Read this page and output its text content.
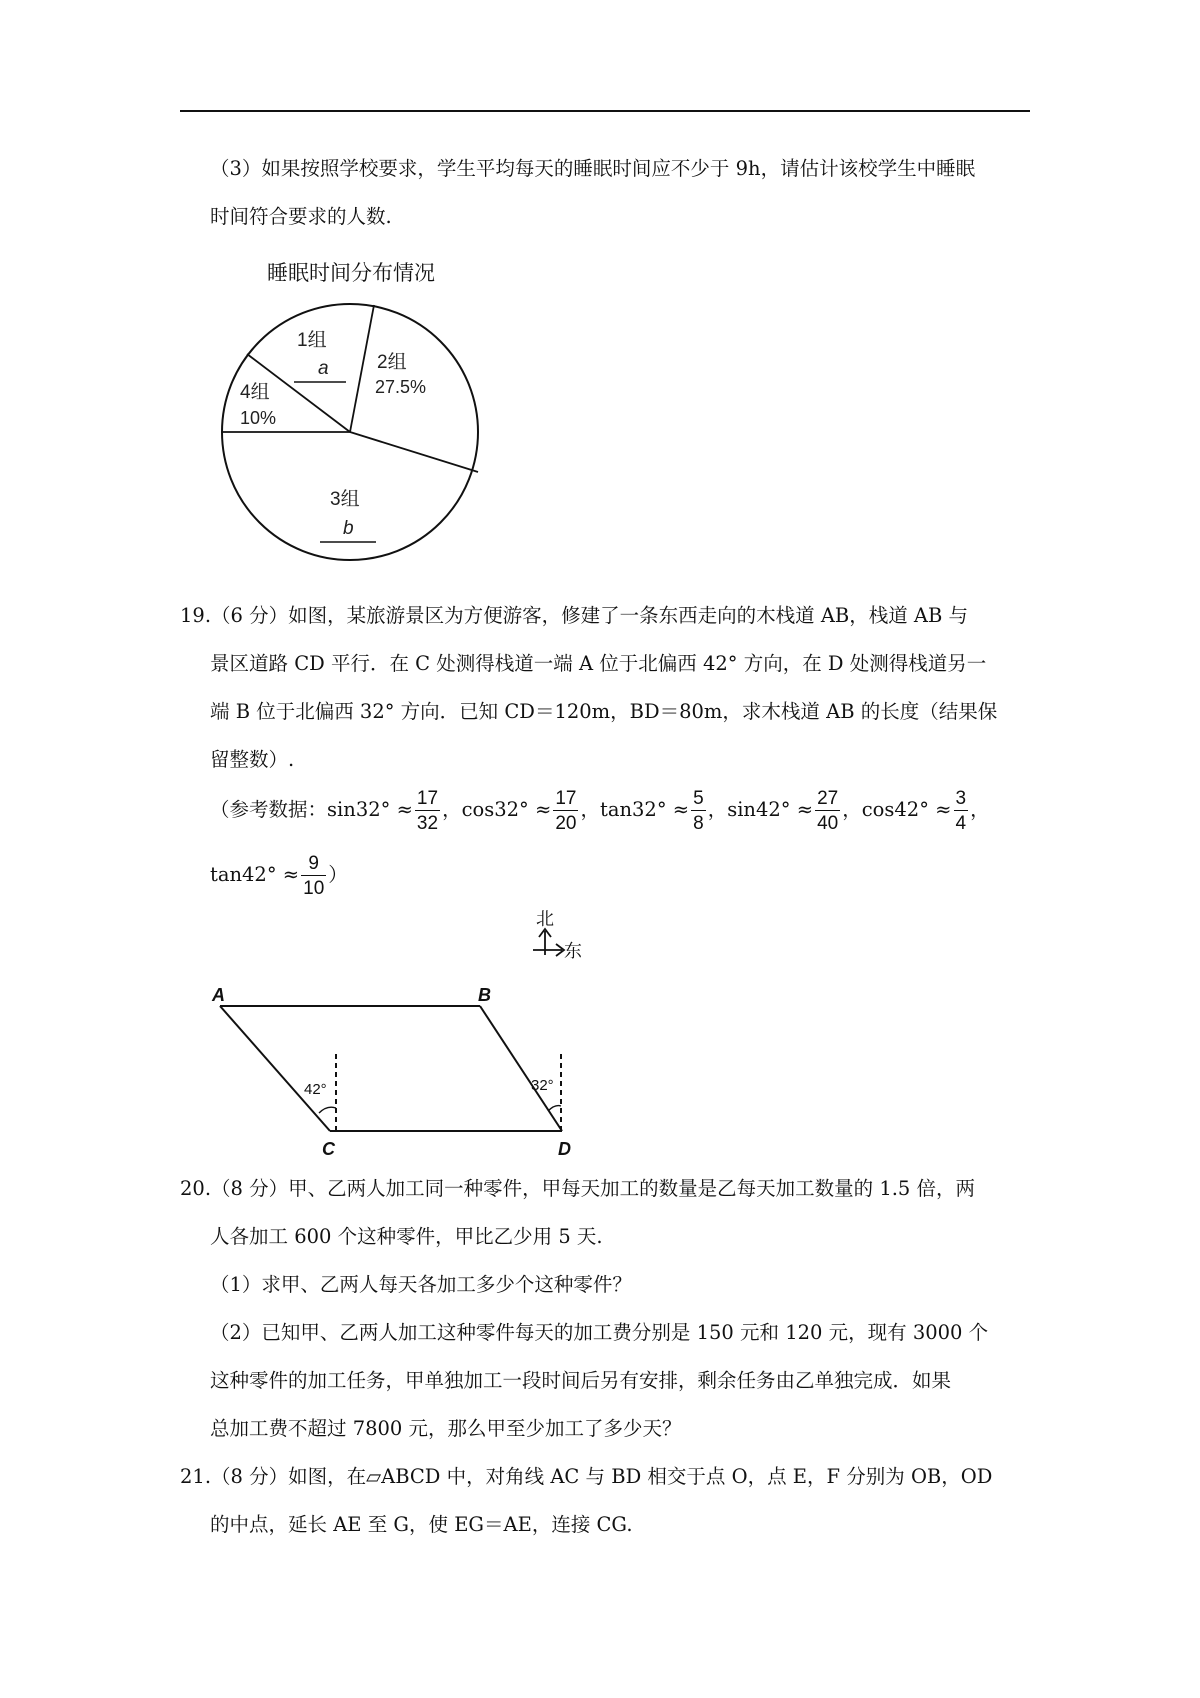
（3）如果按照学校要求，学生平均每天的睡眠时间应不少于 9h，请估计该校学生中睡眠
时间符合要求的人数.
睡眠时间分布情况
1组
a	2组
27.5%
3组
b
4组
10%
19.（6 分）如图，某旅游景区为方便游客，修建了一条东西走向的木栈道 AB，栈道 AB 与
景区道路 CD 平行．在 C 处测得栈道一端 A 位于北偏西 42° 方向，在 D 处测得栈道另一
端 B 位于北偏西 32° 方向．已知 CD＝120m，BD＝80m，求木栈道 AB 的长度（结果保
留整数）.
（参考数据：$\sin 32^\circ \approx \frac{17}{32}$ ，$\cos 32^\circ \approx \frac{17}{20}$ ，$\tan 32^\circ \approx \frac{5}{8}$ ，$\sin 42^\circ \approx \frac{27}{40}$ ，$\cos 42^\circ \approx \frac{3}{4}$ ，
$\tan 42^\circ \approx \frac{9}{10}$ ）
北
东
42°	32°
A	B
C	D
20.（8 分）甲、乙两人加工同一种零件，甲每天加工的数量是乙每天加工数量的 1.5 倍，两
人各加工 600 个这种零件，甲比乙少用 5 天.
（1）求甲、乙两人每天各加工多少个这种零件？
（2）已知甲、乙两人加工这种零件每天的加工费分别是 150 元和 120 元，现有 3000 个
这种零件的加工任务，甲单独加工一段时间后另有安排，剩余任务由乙单独完成．如果
总加工费不超过 7800 元，那么甲至少加工了多少天？
21.（8 分）如图，在▱ABCD 中，对角线 AC 与 BD 相交于点 O，点 E，F 分别为 OB，OD
的中点，延长 AE 至 G，使 EG＝AE，连接 CG.
